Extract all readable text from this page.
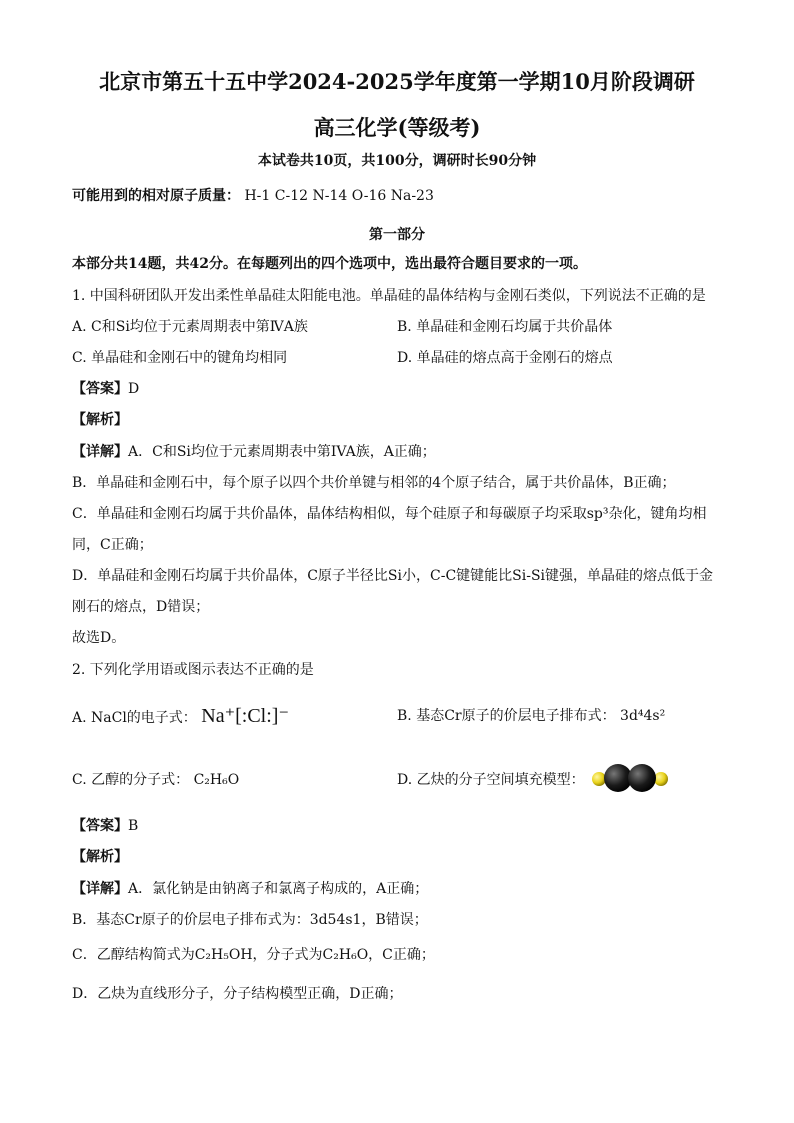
北京市第五十五中学2024-2025学年度第一学期10月阶段调研
高三化学(等级考)
本试卷共10页，共100分，调研时长90分钟
可能用到的相对原子质量： H-1 C-12 N-14 O-16 Na-23
第一部分
本部分共14题，共42分。在每题列出的四个选项中，选出最符合题目要求的一项。
1. 中国科研团队开发出柔性单晶硅太阳能电池。单晶硅的晶体结构与金刚石类似，下列说法不正确的是
A. C和Si均位于元素周期表中第ⅣA族	B. 单晶硅和金刚石均属于共价晶体
C. 单晶硅和金刚石中的键角均相同	D. 单晶硅的熔点高于金刚石的熔点
【答案】D
【解析】
【详解】A．C和Si均位于元素周期表中第IVA族，A正确；
B．单晶硅和金刚石中，每个原子以四个共价单键与相邻的4个原子结合，属于共价晶体，B正确；
C．单晶硅和金刚石均属于共价晶体，晶体结构相似，每个硅原子和每碳原子均采取sp³杂化，键角均相
同，C正确；
D．单晶硅和金刚石均属于共价晶体，C原子半径比Si小，C-C键键能比Si-Si键强，单晶硅的熔点低于金
刚石的熔点，D错误；
故选D。
2. 下列化学用语或图示表达不正确的是
A. NaCl的电子式： Na⁺[:Cl:]⁻	B. 基态Cr原子的价层电子排布式： 3d⁴4s²
C. 乙醇的分子式： C₂H₆O	D. 乙炔的分子空间填充模型：
【答案】B
【解析】
【详解】A．氯化钠是由钠离子和氯离子构成的，A正确；
B．基态Cr原子的价层电子排布式为：3d54s1，B错误；
C．乙醇结构简式为C₂H₅OH，分子式为C₂H₆O，C正确；
D．乙炔为直线形分子，分子结构模型正确，D正确；
